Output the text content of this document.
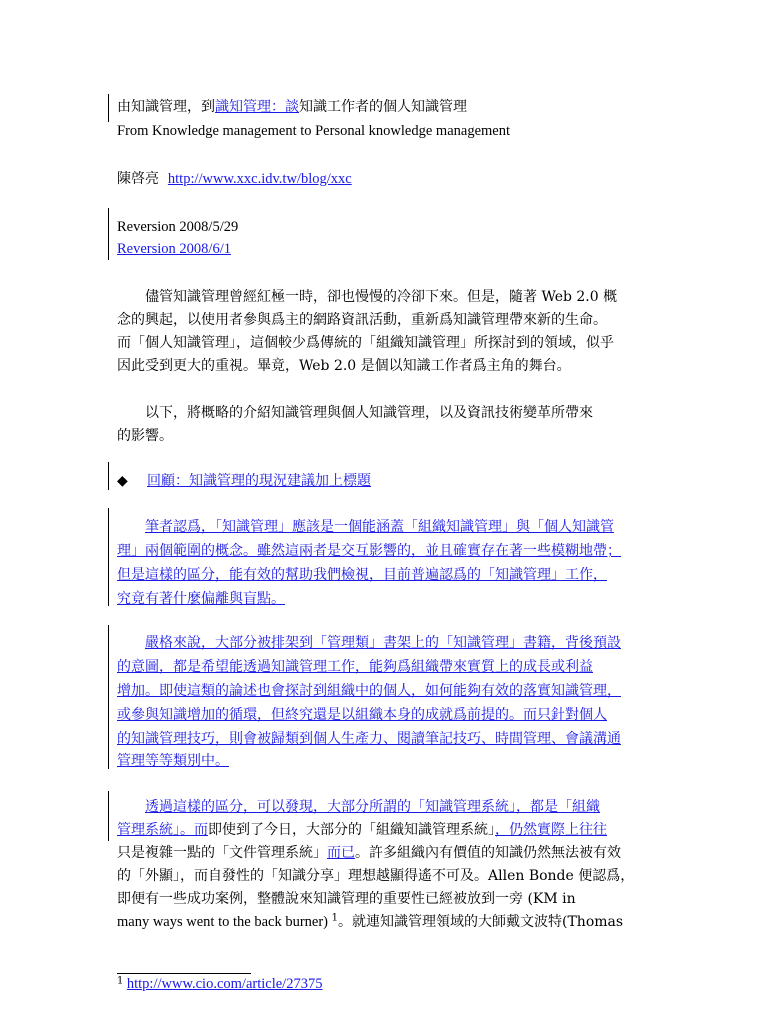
由知識管理，到識知管理：談知識工作者的個人知識管理
From Knowledge management to Personal knowledge management
陳啓亮 http://www.xxc.idv.tw/blog/xxc
Reversion 2008/5/29
Reversion 2008/6/1
儘管知識管理曾經紅極一時，卻也慢慢的冷卻下來。但是，隨著 Web 2.0 概
念的興起，以使用者參與爲主的網路資訊活動，重新爲知識管理帶來新的生命。
而「個人知識管理」，這個較少爲傳統的「組織知識管理」所探討到的領域，似乎
因此受到更大的重視。畢竟，Web 2.0 是個以知識工作者爲主角的舞台。
以下，將概略的介紹知識管理與個人知識管理，以及資訊技術變革所帶來
的影響。
◆ 回顧：知識管理的現況建議加上標題
筆者認爲，「知識管理」應該是一個能涵蓋「組織知識管理」與「個人知識管
理」兩個範圍的概念。雖然這兩者是交互影響的，並且確實存在著一些模糊地帶；
但是這樣的區分，能有效的幫助我們檢視，目前普遍認爲的「知識管理」工作，
究竟有著什麼偏離與盲點。
嚴格來說，大部分被排架到「管理類」書架上的「知識管理」書籍，背後預設
的意圖，都是希望能透過知識管理工作，能夠爲組織帶來實質上的成長或利益
增加。即使這類的論述也會探討到組織中的個人，如何能夠有效的落實知識管理，
或參與知識增加的循環，但終究還是以組織本身的成就爲前提的。而只針對個人
的知識管理技巧，則會被歸類到個人生產力、閱讀筆記技巧、時間管理、會議溝通
管理等等類別中。
透過這樣的區分，可以發現，大部分所謂的「知識管理系統」，都是「組織
管理系統」。而即使到了今日，大部分的「組織知識管理系統」，仍然實際上往往
只是複雜一點的「文件管理系統」而已。許多組織內有價值的知識仍然無法被有效
的「外顯」，而自發性的「知識分享」理想越顯得遙不可及。Allen Bonde 便認爲，
即便有一些成功案例，整體說來知識管理的重要性已經被放到一旁 (KM in
many ways went to the back burner) $^1$。就連知識管理領域的大師戴文波特(Thomas
$^1$ http://www.cio.com/article/27375
